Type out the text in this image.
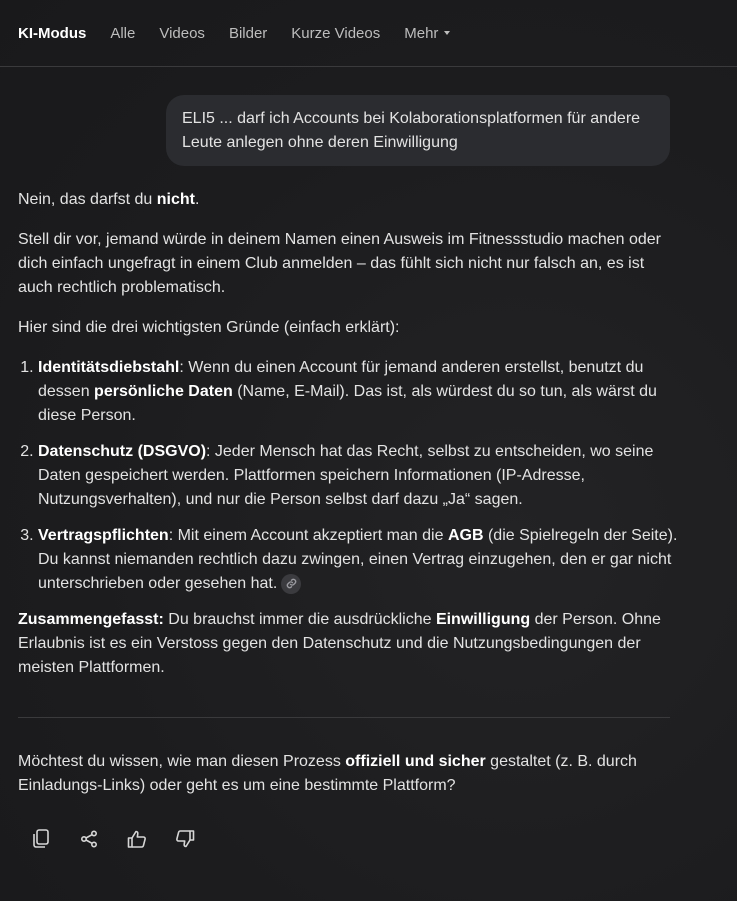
KI-Modus Alle Videos Bilder Kurze Videos Mehr
ELI5 ... darf ich Accounts bei Kolaborationsplatformen für andere Leute anlegen ohne deren Einwilligung

Nein, das darfst du nicht.

Stell dir vor, jemand würde in deinem Namen einen Ausweis im Fitnessstudio machen oder dich einfach ungefragt in einem Club anmelden – das fühlt sich nicht nur falsch an, es ist auch rechtlich problematisch.

Hier sind die drei wichtigsten Gründe (einfach erklärt):

1. Identitätsdiebstahl: Wenn du einen Account für jemand anderen erstellst, benutzt du dessen persönliche Daten (Name, E-Mail). Das ist, als würdest du so tun, als wärst du diese Person.
2. Datenschutz (DSGVO): Jeder Mensch hat das Recht, selbst zu entscheiden, wo seine Daten gespeichert werden. Plattformen speichern Informationen (IP-Adresse, Nutzungsverhalten), und nur die Person selbst darf dazu „Ja“ sagen.
3. Vertragspflichten: Mit einem Account akzeptiert man die AGB (die Spielregeln der Seite). Du kannst niemanden rechtlich dazu zwingen, einen Vertrag einzugehen, den er gar nicht unterschrieben oder gesehen hat.

Zusammengefasst: Du brauchst immer die ausdrückliche Einwilligung der Person. Ohne Erlaubnis ist es ein Verstoss gegen den Datenschutz und die Nutzungsbedingungen der meisten Plattformen.

Möchtest du wissen, wie man diesen Prozess offiziell und sicher gestaltet (z. B. durch Einladungs-Links) oder geht es um eine bestimmte Plattform?
